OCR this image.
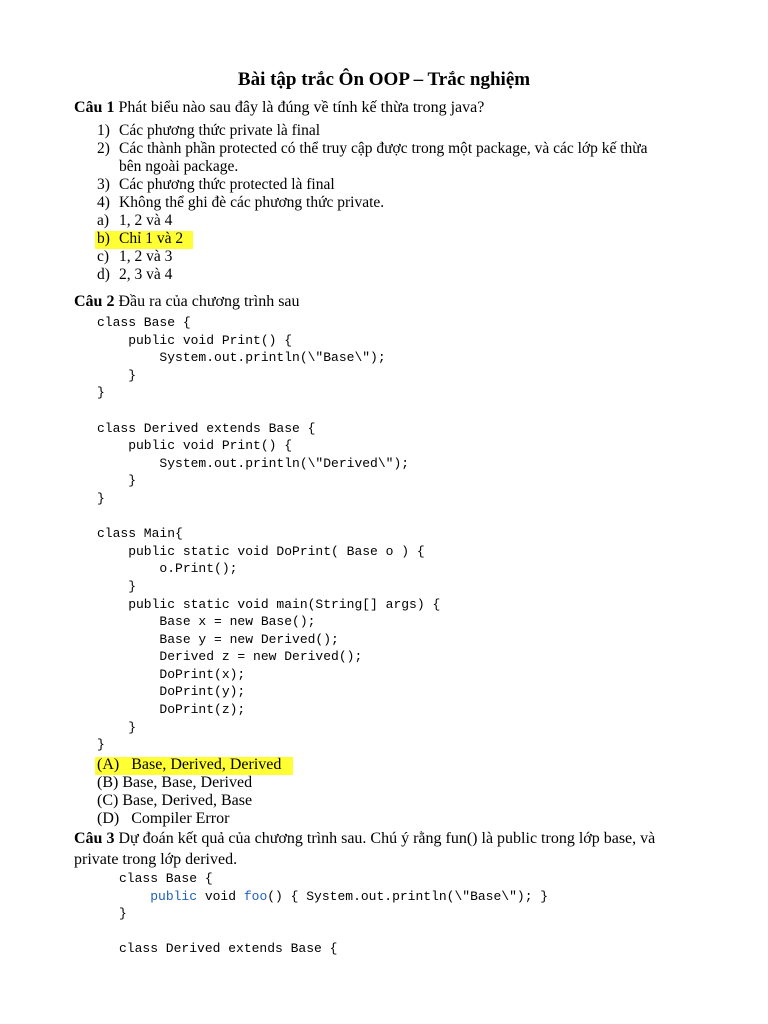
Bài tập trắc Ôn OOP – Trắc nghiệm
Câu 1 Phát biểu nào sau đây là đúng về tính kế thừa trong java?
1) Các phương thức private là final
2) Các thành phần protected có thể truy cập được trong một package, và các lớp kế thừa
bên ngoài package.
3) Các phương thức protected là final
4) Không thể ghi đè các phương thức private.
a) 1, 2 và 4
b) Chỉ 1 và 2
c) 1, 2 và 3
d) 2, 3 và 4
Câu 2 Đầu ra của chương trình sau
class Base {
public void Print() {
System.out.println(\"Base\");
}
}

class Derived extends Base {
public void Print() {
System.out.println(\"Derived\");
}
}

class Main{
public static void DoPrint( Base o ) {
o.Print();
}
public static void main(String[] args) {
Base x = new Base();
Base y = new Derived();
Derived z = new Derived();
DoPrint(x);
DoPrint(y);
DoPrint(z);
}
}
(A) Base, Derived, Derived
(B) Base, Base, Derived
(C) Base, Derived, Base
(D) Compiler Error
Câu 3 Dự đoán kết quả của chương trình sau. Chú ý rằng fun() là public trong lớp base, và
private trong lớp derived.
class Base {
public void foo() { System.out.println(\"Base\"); }
}

class Derived extends Base {
